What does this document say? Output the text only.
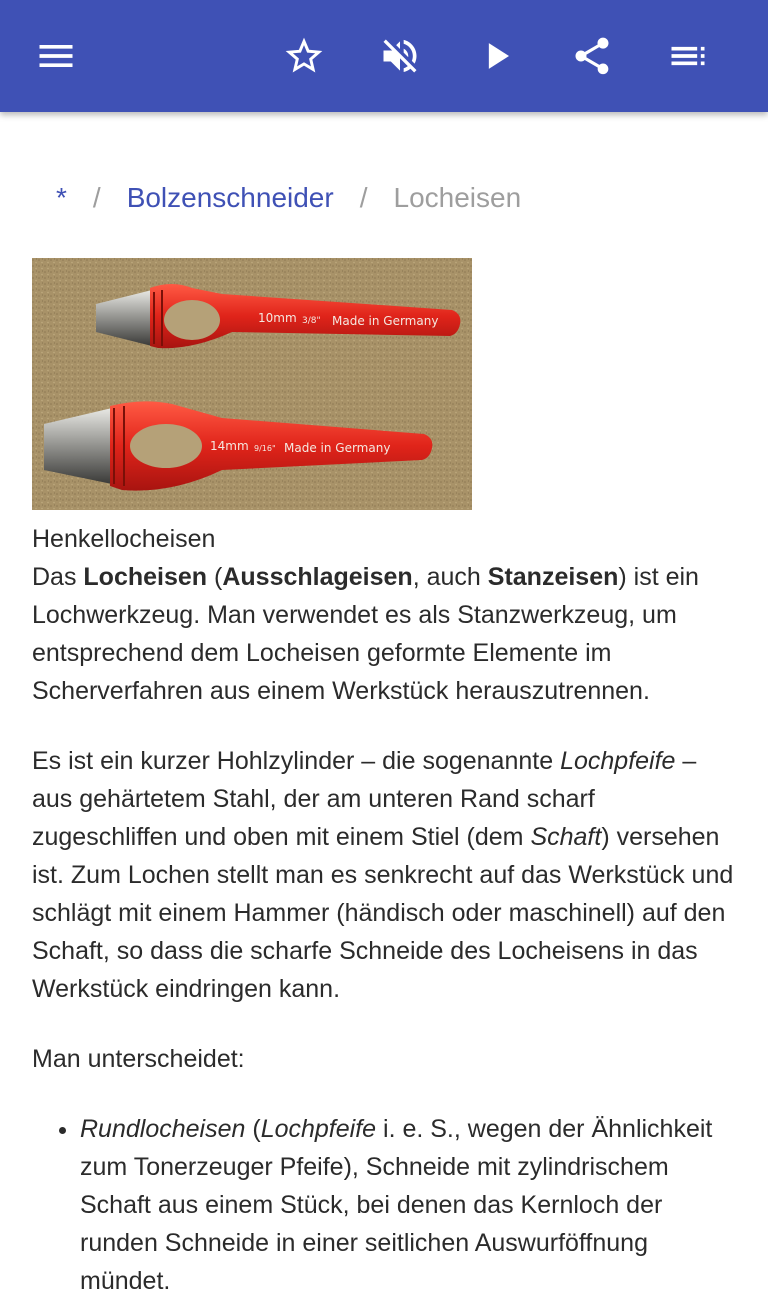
* / Bolzenschneider / Locheisen
10mm 3/8" Made in Germany
14mm 9/16" Made in Germany

Henkellocheisen

Das Locheisen (Ausschlageisen, auch Stanzeisen) ist ein Lochwerkzeug. Man verwendet es als Stanzwerkzeug, um entsprechend dem Locheisen geformte Elemente im Scherverfahren aus einem Werkstück herauszutrennen.

Es ist ein kurzer Hohlzylinder – die sogenannte Lochpfeife – aus gehärtetem Stahl, der am unteren Rand scharf zugeschliffen und oben mit einem Stiel (dem Schaft) versehen ist. Zum Lochen stellt man es senkrecht auf das Werkstück und schlägt mit einem Hammer (händisch oder maschinell) auf den Schaft, so dass die scharfe Schneide des Locheisens in das Werkstück eindringen kann.

Man unterscheidet:

• Rundlocheisen (Lochpfeife i. e. S., wegen der Ähnlichkeit zum Tonerzeuger Pfeife), Schneide mit zylindrischem Schaft aus einem Stück, bei denen das Kernloch der runden Schneide in einer seitlichen Auswurföffnung mündet.
